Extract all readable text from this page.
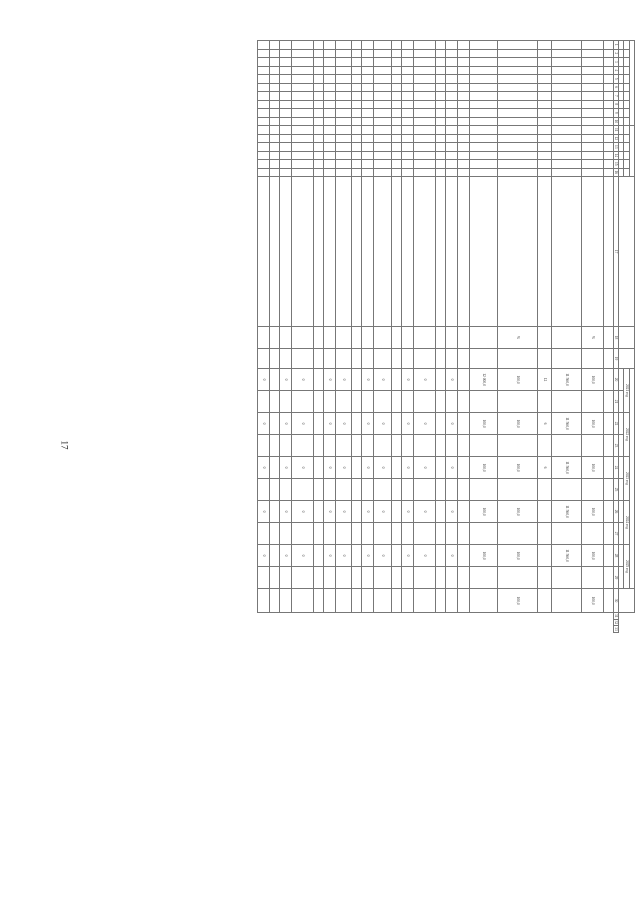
17

																			2021 год		2022 год		2023 год		2024 год		2025 год					

1	2	3	4	5	6	7	8	9	10	11	12	13	14	15	16	17	18	19	20	21	22	23	24	25	26	27	28	29	30	31	32	33

																	%		100,0		100,0		100,0		100,0		100,0		100,0			
																			11 560,0		11 560,0		11 560,0		11 560,0		11 560,0					
																			12		6		6									
																	%		100,0		100,0		100,0		100,0		100,0		100,0			
																			12 000,0		100,0		100,0		100,0		100,0					

																			0		0		0		0		0					

																			0		0		0		0		0					
																			0		0		0		0		0					

																			0		0		0		0		0					
																			0		0		0		0		0					

																			0		0		0		0		0					
																			0		0		0		0		0					

																			0		0		0		0		0					
																			0		0		0		0		0					

																			0		0		0		0		0					
